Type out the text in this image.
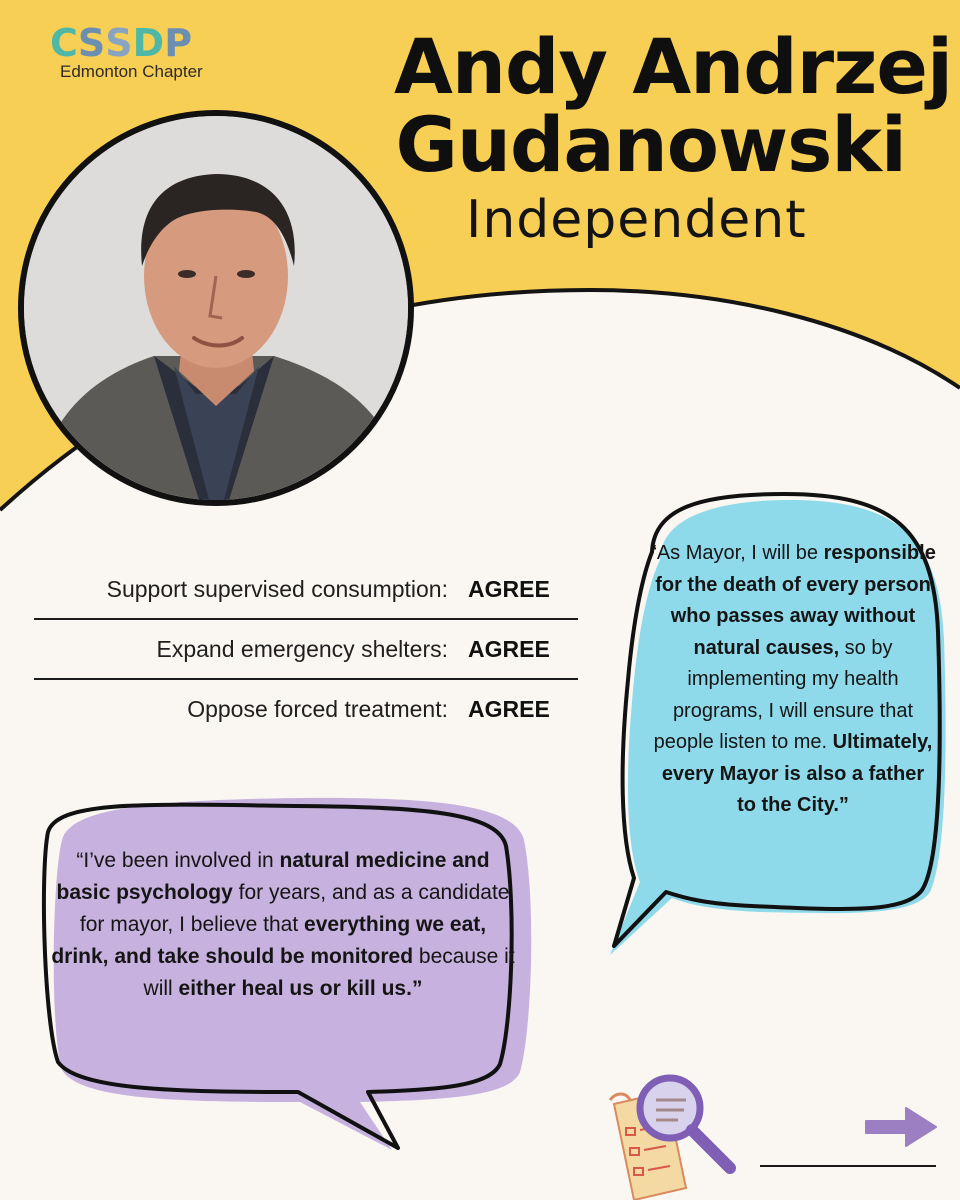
C S S D P
Edmonton Chapter	Andy Andrzej
Gudanowski
Independent
Support supervised consumption: AGREE
Expand emergency shelters: AGREE
Oppose forced treatment: AGREE
“As Mayor, I will be responsible for the death of every person who passes away without natural causes, so by implementing my health programs, I will ensure that people listen to me. Ultimately, every Mayor is also a father to the City.”
“I’ve been involved in natural medicine and basic psychology for years, and as a candidate for mayor, I believe that everything we eat, drink, and take should be monitored because it will either heal us or kill us.”
